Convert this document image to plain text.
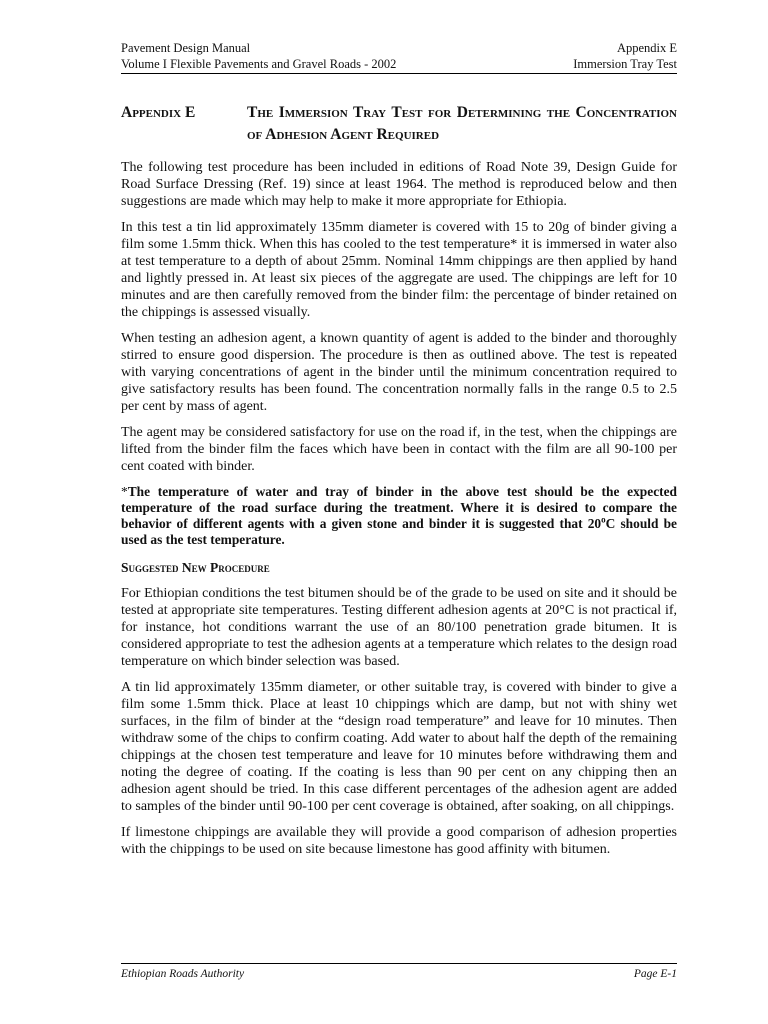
Pavement Design Manual
Volume I Flexible Pavements and Gravel Roads - 2002
Appendix E
Immersion Tray Test
Appendix E	The Immersion Tray Test for Determining the Concentration of Adhesion Agent Required

The following test procedure has been included in editions of Road Note 39, Design Guide for Road Surface Dressing (Ref. 19) since at least 1964. The method is reproduced below and then suggestions are made which may help to make it more appropriate for Ethiopia.

In this test a tin lid approximately 135mm diameter is covered with 15 to 20g of binder giving a film some 1.5mm thick. When this has cooled to the test temperature* it is immersed in water also at test temperature to a depth of about 25mm. Nominal 14mm chippings are then applied by hand and lightly pressed in. At least six pieces of the aggregate are used. The chippings are left for 10 minutes and are then carefully removed from the binder film: the percentage of binder retained on the chippings is assessed visually.

When testing an adhesion agent, a known quantity of agent is added to the binder and thoroughly stirred to ensure good dispersion. The procedure is then as outlined above. The test is repeated with varying concentrations of agent in the binder until the minimum concentration required to give satisfactory results has been found. The concentration normally falls in the range 0.5 to 2.5 per cent by mass of agent.

The agent may be considered satisfactory for use on the road if, in the test, when the chippings are lifted from the binder film the faces which have been in contact with the film are all 90-100 per cent coated with binder.

*The temperature of water and tray of binder in the above test should be the expected temperature of the road surface during the treatment. Where it is desired to compare the behavior of different agents with a given stone and binder it is suggested that 20$^o$C should be used as the test temperature.

Suggested New Procedure

For Ethiopian conditions the test bitumen should be of the grade to be used on site and it should be tested at appropriate site temperatures. Testing different adhesion agents at 20°C is not practical if, for instance, hot conditions warrant the use of an 80/100 penetration grade bitumen. It is considered appropriate to test the adhesion agents at a temperature which relates to the design road temperature on which binder selection was based.

A tin lid approximately 135mm diameter, or other suitable tray, is covered with binder to give a film some 1.5mm thick. Place at least 10 chippings which are damp, but not with shiny wet surfaces, in the film of binder at the “design road temperature” and leave for 10 minutes. Then withdraw some of the chips to confirm coating. Add water to about half the depth of the remaining chippings at the chosen test temperature and leave for 10 minutes before withdrawing them and noting the degree of coating. If the coating is less than 90 per cent on any chipping then an adhesion agent should be tried. In this case different percentages of the adhesion agent are added to samples of the binder until 90-100 per cent coverage is obtained, after soaking, on all chippings.

If limestone chippings are available they will provide a good comparison of adhesion properties with the chippings to be used on site because limestone has good affinity with bitumen.

Ethiopian Roads Authority	Page E-1
